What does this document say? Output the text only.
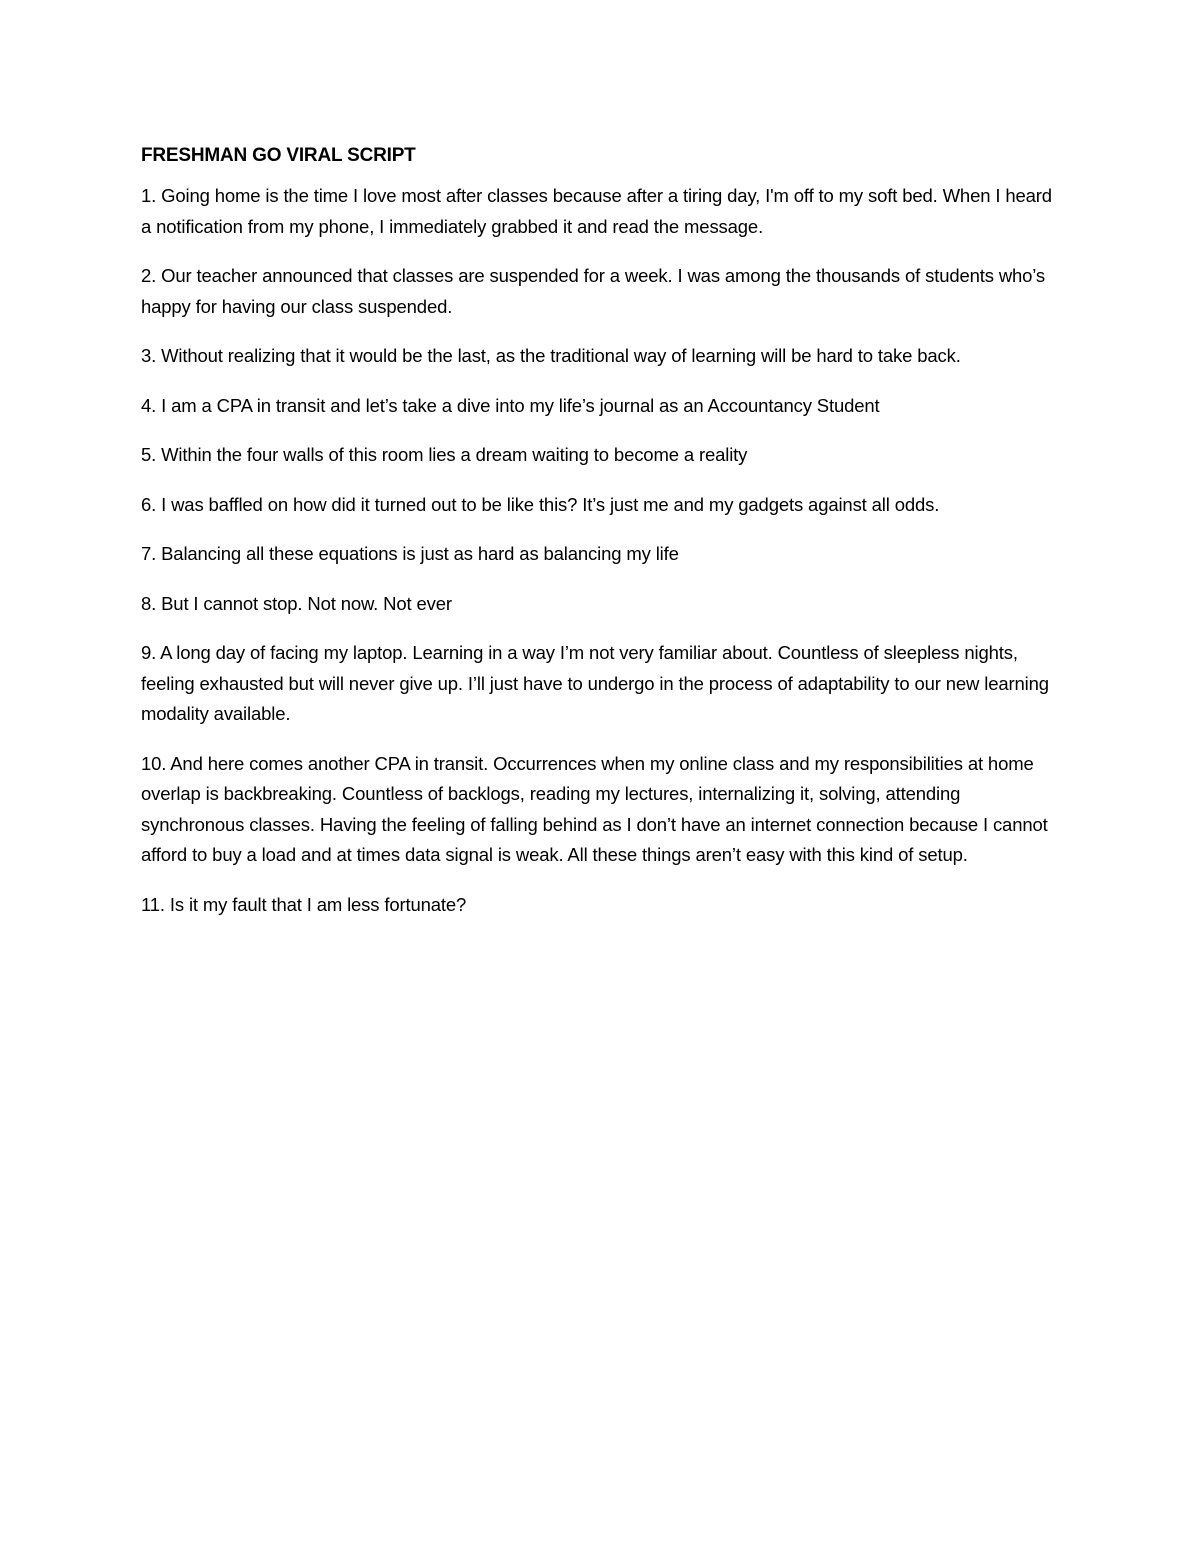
FRESHMAN GO VIRAL SCRIPT

1. Going home is the time I love most after classes because after a tiring day, I'm off to my soft bed. When I heard a notification from my phone, I immediately grabbed it and read the message.

2. Our teacher announced that classes are suspended for a week. I was among the thousands of students who’s happy for having our class suspended.

3. Without realizing that it would be the last, as the traditional way of learning will be hard to take back.

4. I am a CPA in transit and let’s take a dive into my life’s journal as an Accountancy Student

5. Within the four walls of this room lies a dream waiting to become a reality

6. I was baffled on how did it turned out to be like this? It’s just me and my gadgets against all odds.

7. Balancing all these equations is just as hard as balancing my life

8. But I cannot stop. Not now. Not ever

9. A long day of facing my laptop. Learning in a way I’m not very familiar about. Countless of sleepless nights, feeling exhausted but will never give up. I’ll just have to undergo in the process of adaptability to our new learning modality available.

10. And here comes another CPA in transit. Occurrences when my online class and my responsibilities at home overlap is backbreaking. Countless of backlogs, reading my lectures, internalizing it, solving, attending synchronous classes. Having the feeling of falling behind as I don’t have an internet connection because I cannot afford to buy a load and at times data signal is weak. All these things aren’t easy with this kind of setup.

11. Is it my fault that I am less fortunate?
